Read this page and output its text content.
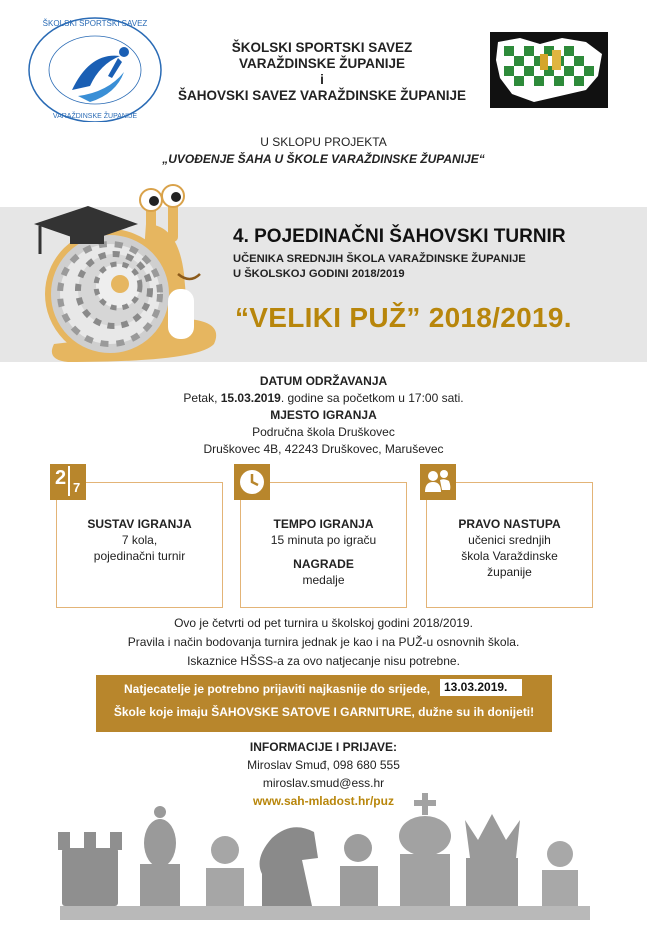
ŠKOLSKI SPORTSKI SAVEZ
VARAŽDINSKE ŽUPANIJE
ŠKOLSKI SPORTSKI SAVEZ
VARAŽDINSKE ŽUPANIJE
i
ŠAHOVSKI SAVEZ VARAŽDINSKE ŽUPANIJE
U SKLOPU PROJEKTA
„UVOĐENJE ŠAHA U ŠKOLE VARAŽDINSKE ŽUPANIJE“
4. POJEDINAČNI ŠAHOVSKI TURNIR
UČENIKA SREDNJIH ŠKOLA VARAŽDINSKE ŽUPANIJE
U ŠKOLSKOJ GODINI 2018/2019
“VELIKI PUŽ” 2018/2019.
DATUM ODRŽAVANJA
Petak, 15.03.2019. godine sa početkom u 17:00 sati.
MJESTO IGRANJA
Područna škola Druškovec
Druškovec 4B, 42243 Druškovec, Maruševec
2 7
SUSTAV IGRANJA
7 kola,
pojedinačni turnir
TEMPO IGRANJA
15 minuta po igraču
NAGRADE
medalje
PRAVO NASTUPA
učenici srednjih
škola Varaždinske
županije
Ovo je četvrti od pet turnira u školskoj godini 2018/2019.
Pravila i način bodovanja turnira jednak je kao i na PUŽ-u osnovnih škola.
Iskaznice HŠSS-a za ovo natjecanje nisu potrebne.
Natjecatelje je potrebno prijaviti najkasnije do srijede,	13.03.2019.
Škole koje imaju ŠAHOVSKE SATOVE I GARNITURE, dužne su ih donijeti!
INFORMACIJE I PRIJAVE:
Miroslav Smuđ, 098 680 555
miroslav.smud@ess.hr
www.sah-mladost.hr/puz
